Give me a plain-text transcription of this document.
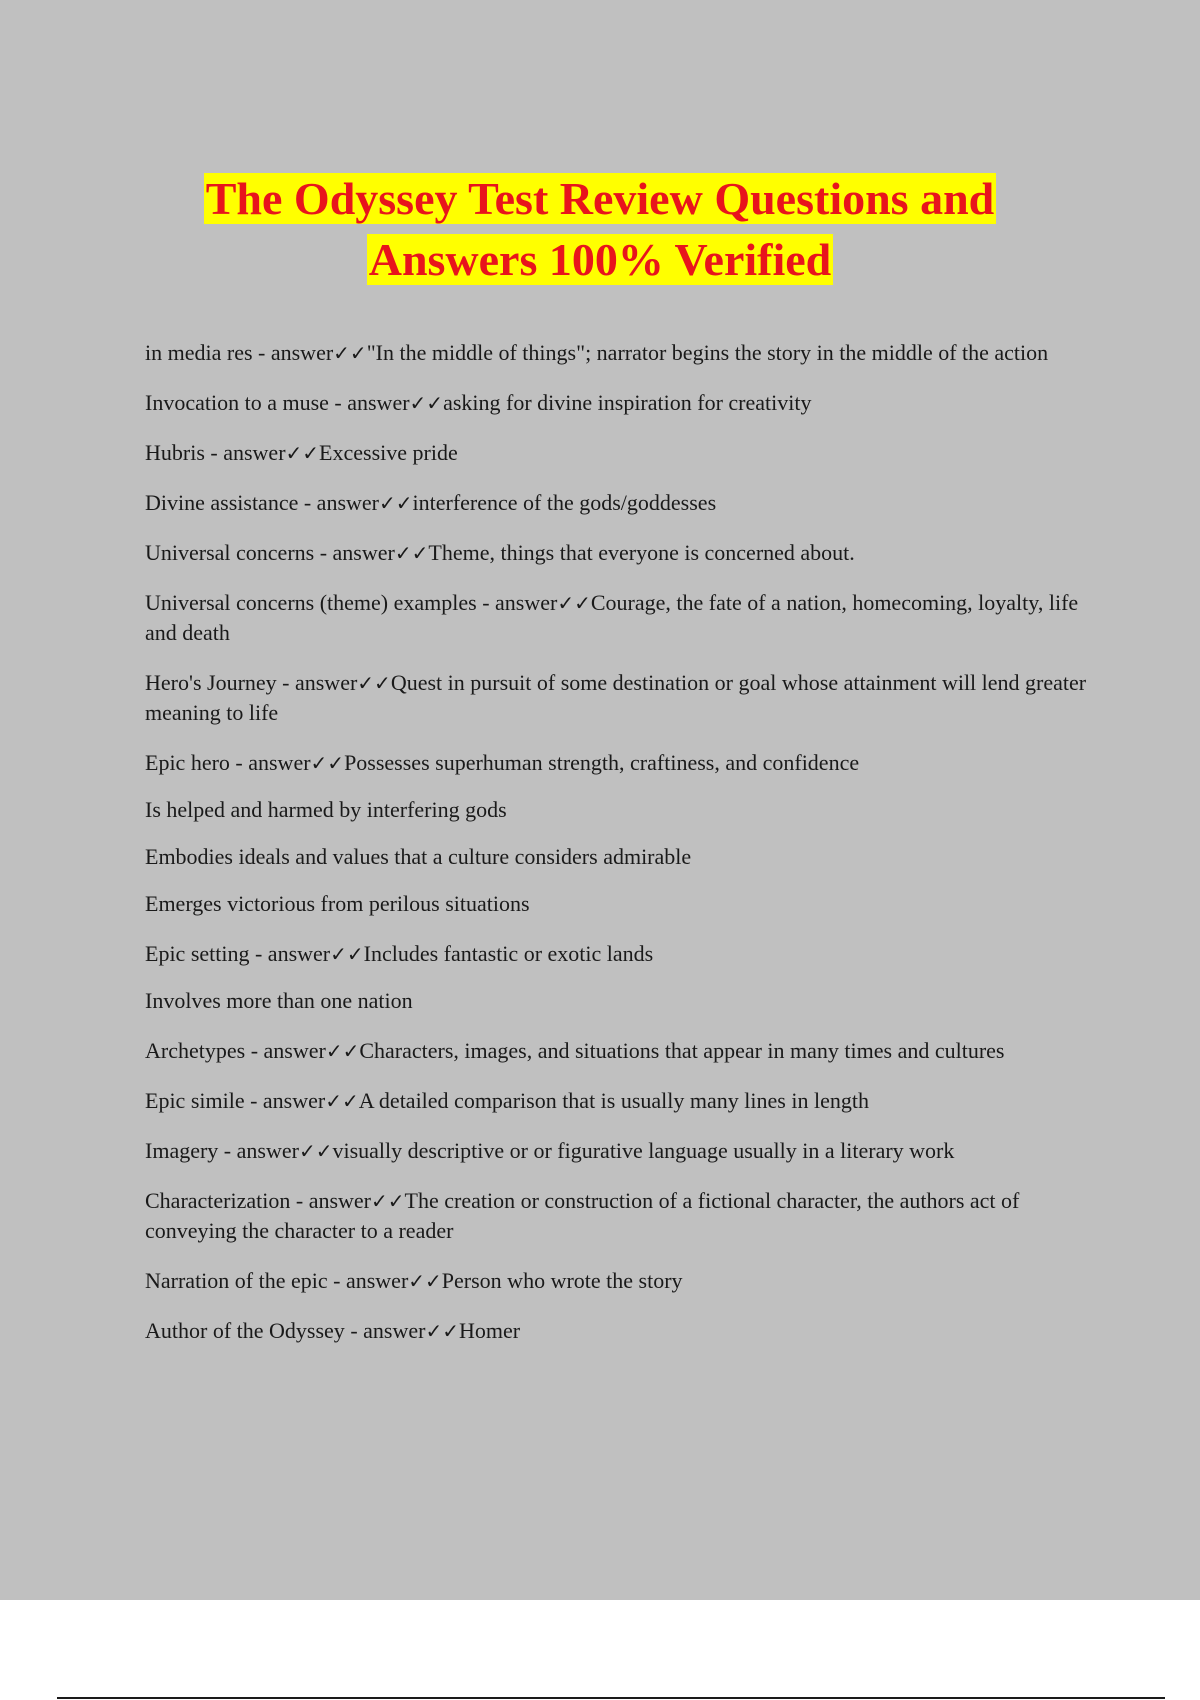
The Odyssey Test Review Questions and
Answers 100% Verified

in media res - answer✓✓"In the middle of things"; narrator begins the story in the middle of the action

Invocation to a muse - answer✓✓asking for divine inspiration for creativity

Hubris - answer✓✓Excessive pride

Divine assistance - answer✓✓interference of the gods/goddesses

Universal concerns - answer✓✓Theme, things that everyone is concerned about.

Universal concerns (theme) examples - answer✓✓Courage, the fate of a nation, homecoming, loyalty, life and death

Hero's Journey - answer✓✓Quest in pursuit of some destination or goal whose attainment will lend greater meaning to life

Epic hero - answer✓✓Possesses superhuman strength, craftiness, and confidence

Is helped and harmed by interfering gods

Embodies ideals and values that a culture considers admirable

Emerges victorious from perilous situations

Epic setting - answer✓✓Includes fantastic or exotic lands

Involves more than one nation

Archetypes - answer✓✓Characters, images, and situations that appear in many times and cultures

Epic simile - answer✓✓A detailed comparison that is usually many lines in length

Imagery - answer✓✓visually descriptive or or figurative language usually in a literary work

Characterization - answer✓✓The creation or construction of a fictional character, the authors act of conveying the character to a reader

Narration of the epic - answer✓✓Person who wrote the story

Author of the Odyssey - answer✓✓Homer
